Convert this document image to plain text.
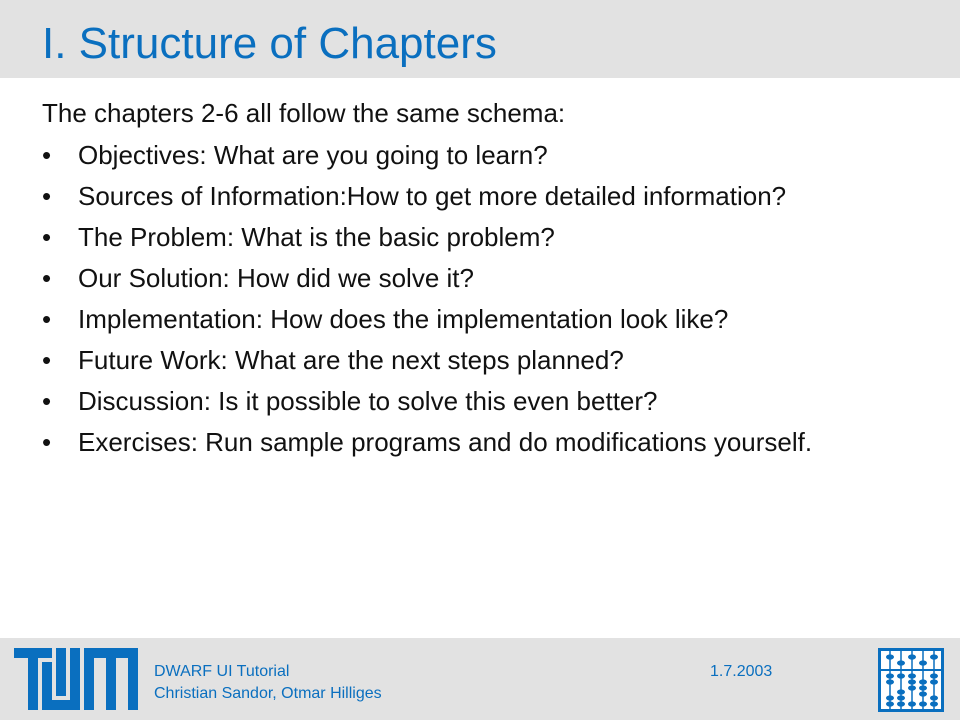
I. Structure of Chapters

The chapters 2-6 all follow the same schema:

•	Objectives: What are you going to learn?
•	Sources of Information:How to get more detailed information?
•	The Problem: What is the basic problem?
•	Our Solution: How did we solve it?
•	Implementation: How does the implementation look like?
•	Future Work: What are the next steps planned?
•	Discussion: Is it possible to solve this even better?
•	Exercises: Run sample programs and do modifications yourself.
DWARF UI Tutorial
Christian Sandor, Otmar Hilliges
1.7.2003
